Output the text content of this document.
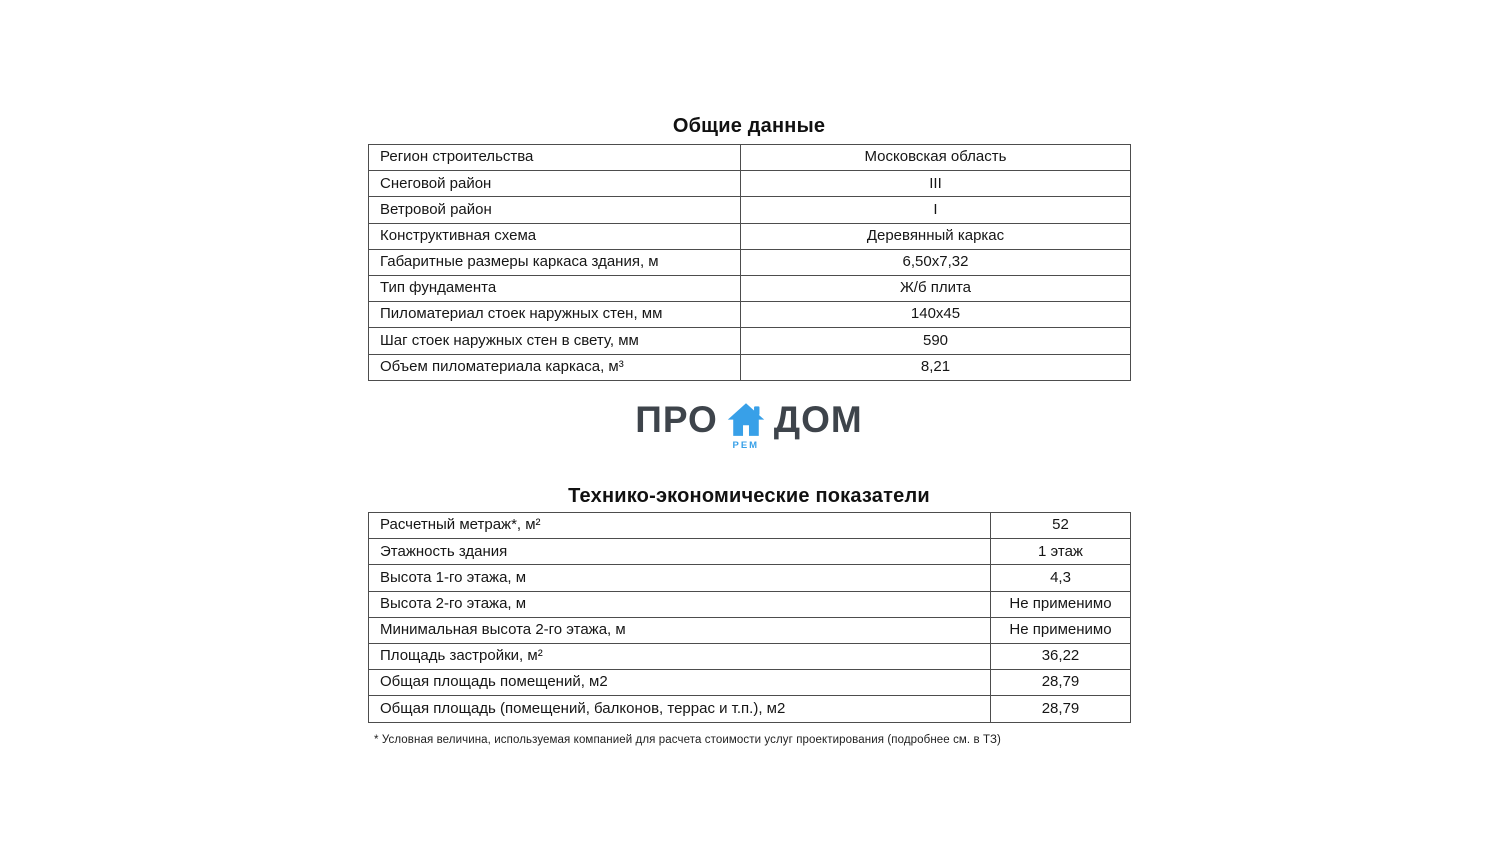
Общие данные
Регион строительства	Московская область
Снеговой район	III
Ветровой район	I
Конструктивная схема	Деревянный каркас
Габаритные размеры каркаса здания, м	6,50x7,32
Тип фундамента	Ж/б плита
Пиломатериал стоек наружных стен, мм	140x45
Шаг стоек наружных стен в свету, мм	590
Объем пиломатериала каркаса, м³	8,21
ПРО
РЕМ
ДОМ
Технико-экономические показатели
Расчетный метраж*, м²	52
Этажность здания	1 этаж
Высота 1-го этажа, м	4,3
Высота 2-го этажа, м	Не применимо
Минимальная высота 2-го этажа, м	Не применимо
Площадь застройки, м²	36,22
Общая площадь помещений, м2	28,79
Общая площадь (помещений, балконов, террас и т.п.), м2	28,79
* Условная величина, используемая компанией для расчета стоимости услуг проектирования (подробнее см. в ТЗ)
